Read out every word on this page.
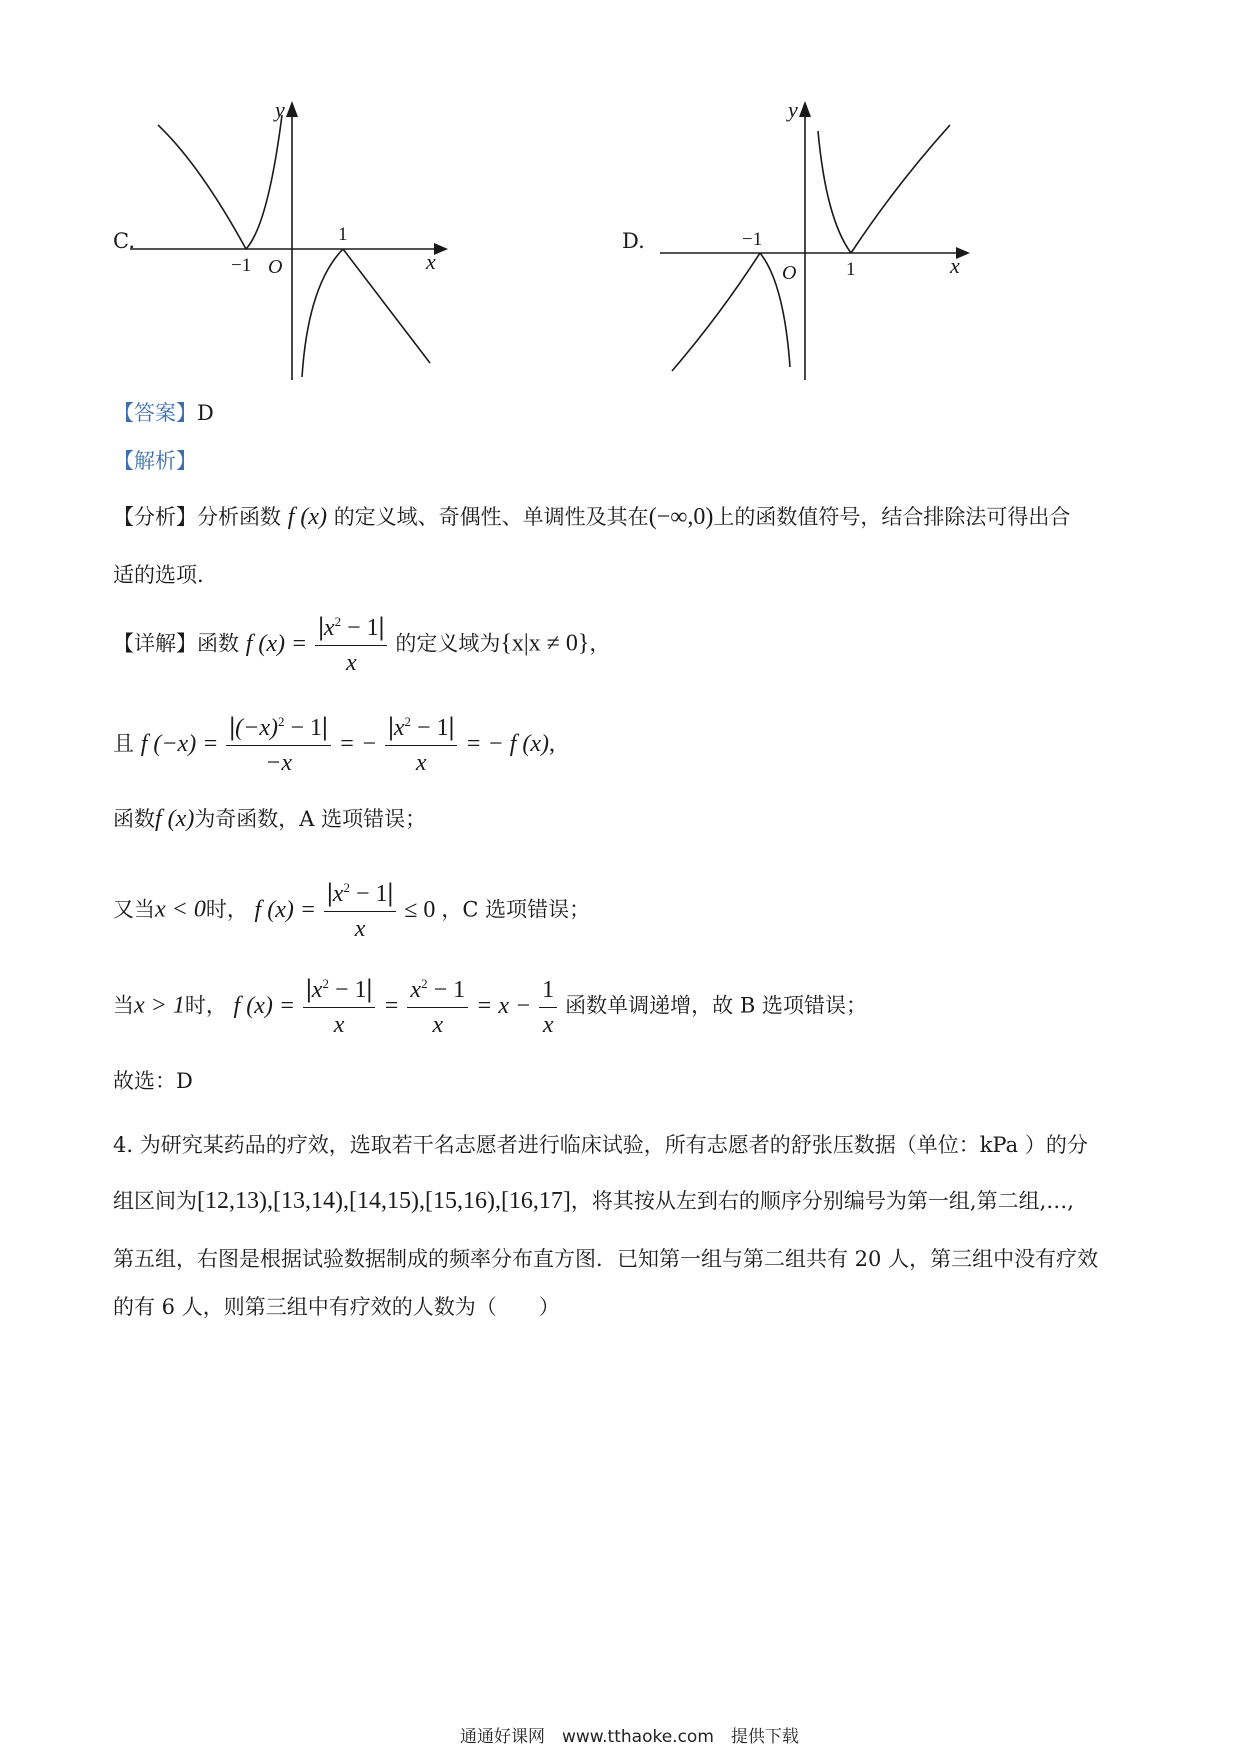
C.
y
x
O
−1
1	D.
y
x
O
−1
1
【答案】D
【解析】
【分析】分析函数 f (x) 的定义域、奇偶性、单调性及其在(−∞,0)上的函数值符号，结合排除法可得出合
适的选项.
【详解】函数 f $(x) = \frac{|x^2 - 1|}{x}$ 的定义域为{x|x ≠ 0}，
且 f $(-x) = \frac{|(-x)^2 - 1|}{-x}$ = − $\frac{|x^2 - 1|}{x}$ = − f (x),
函数f (x)为奇函数，A 选项错误；
又当x < 0时， f $(x) = \frac{|x^2 - 1|}{x} \le 0$ ，C 选项错误；
当x > 1时， f $(x) = \frac{|x^2 - 1|}{x} = \frac{x^2 - 1}{x} = x - \frac{1}{x}$ 函数单调递增，故 B 选项错误；
故选：D
4. 为研究某药品的疗效，选取若干名志愿者进行临床试验，所有志愿者的舒张压数据（单位：kPa ）的分
组区间为[12,13),[13,14),[14,15),[15,16),[16,17]，将其按从左到右的顺序分别编号为第一组,第二组,…,
第五组，右图是根据试验数据制成的频率分布直方图．已知第一组与第二组共有 20 人，第三组中没有疗效
的有 6 人，则第三组中有疗效的人数为（　　）
通通好课网　www.tthaoke.com　提供下载
